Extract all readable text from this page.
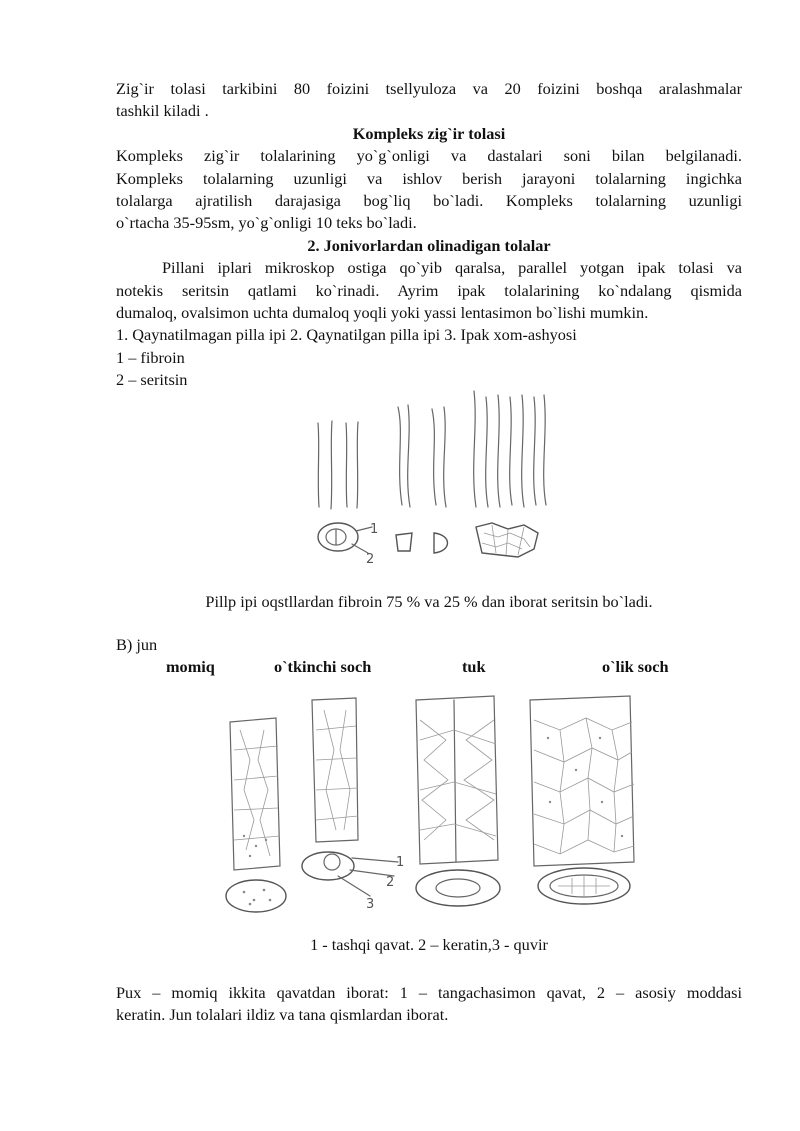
Zig`ir tolasi tarkibini 80 foizini tsellyuloza va 20 foizini boshqa aralashmalar

tashkil kiladi .

Kompleks zig`ir tolasi

Kompleks zig`ir tolalarining yo`g`onligi va dastalari soni bilan belgilanadi.

Kompleks tolalarning uzunligi va ishlov berish jarayoni tolalarning ingichka

tolalarga ajratilish darajasiga bog`liq bo`ladi. Kompleks tolalarning uzunligi

o`rtacha 35-95sm, yo`g`onligi 10 teks bo`ladi.

2. Jonivorlardan olinadigan tolalar

Pillani iplari mikroskop ostiga qo`yib qaralsa, parallel yotgan ipak tolasi va

notekis seritsin qatlami ko`rinadi. Ayrim ipak tolalarining ko`ndalang qismida

dumaloq, ovalsimon uchta dumaloq yoqli yoki yassi lentasimon bo`lishi mumkin.

1. Qaynatilmagan pilla ipi 2. Qaynatilgan pilla ipi 3. Ipak xom-ashyosi

1 – fibroin

2 – seritsin

1
2
Pillp ipi oqstllardan fibroin 75 % va 25 % dan iborat seritsin bo`ladi.
B) jun
momiq	o`tkinchi soch	tuk	o`lik soch
1
2
3
1 - tashqi qavat. 2 – keratin,3 - quvir

Pux – momiq ikkita qavatdan iborat: 1 – tangachasimon qavat, 2 – asosiy moddasi

keratin. Jun tolalari ildiz va tana qismlardan iborat.
